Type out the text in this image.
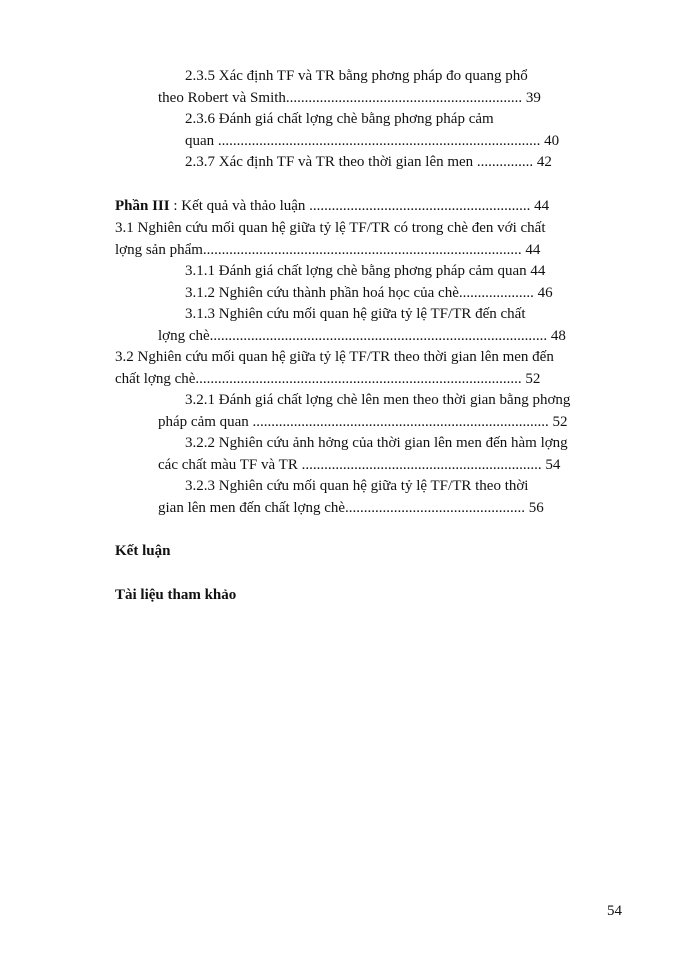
2.3.5 Xác định TF và TR bằng phơng pháp đo quang phổ
theo Robert và Smith............................................................... 39
2.3.6 Đánh giá chất lợng chè bằng phơng pháp cảm
quan ...................................................................................... 40
2.3.7 Xác định TF và TR theo thời gian lên men ............... 42
Phần III : Kết quả và thảo luận ........................................................... 44
3.1 Nghiên cứu mối quan hệ giữa tỷ lệ TF/TR có trong chè đen với chất
lợng sản phẩm..................................................................................... 44
3.1.1 Đánh giá chất lợng chè bằng phơng pháp cảm quan 44
3.1.2 Nghiên cứu thành phần hoá học của chè.................... 46
3.1.3 Nghiên cứu mối quan hệ giữa tỷ lệ TF/TR đến chất
lợng chè.......................................................................................... 48
3.2 Nghiên cứu mối quan hệ giữa tỷ lệ TF/TR theo thời gian lên men đến
chất lợng chè....................................................................................... 52
3.2.1 Đánh giá chất lợng chè lên men theo thời gian bằng phơng
pháp cảm quan ............................................................................... 52
3.2.2 Nghiên cứu ảnh hởng của thời gian lên men đến hàm lợng
các chất màu TF và TR ................................................................ 54
3.2.3 Nghiên cứu mối quan hệ giữa tỷ lệ TF/TR theo thời
gian lên men đến chất lợng chè................................................ 56
Kết luận
Tài liệu tham khảo
54
